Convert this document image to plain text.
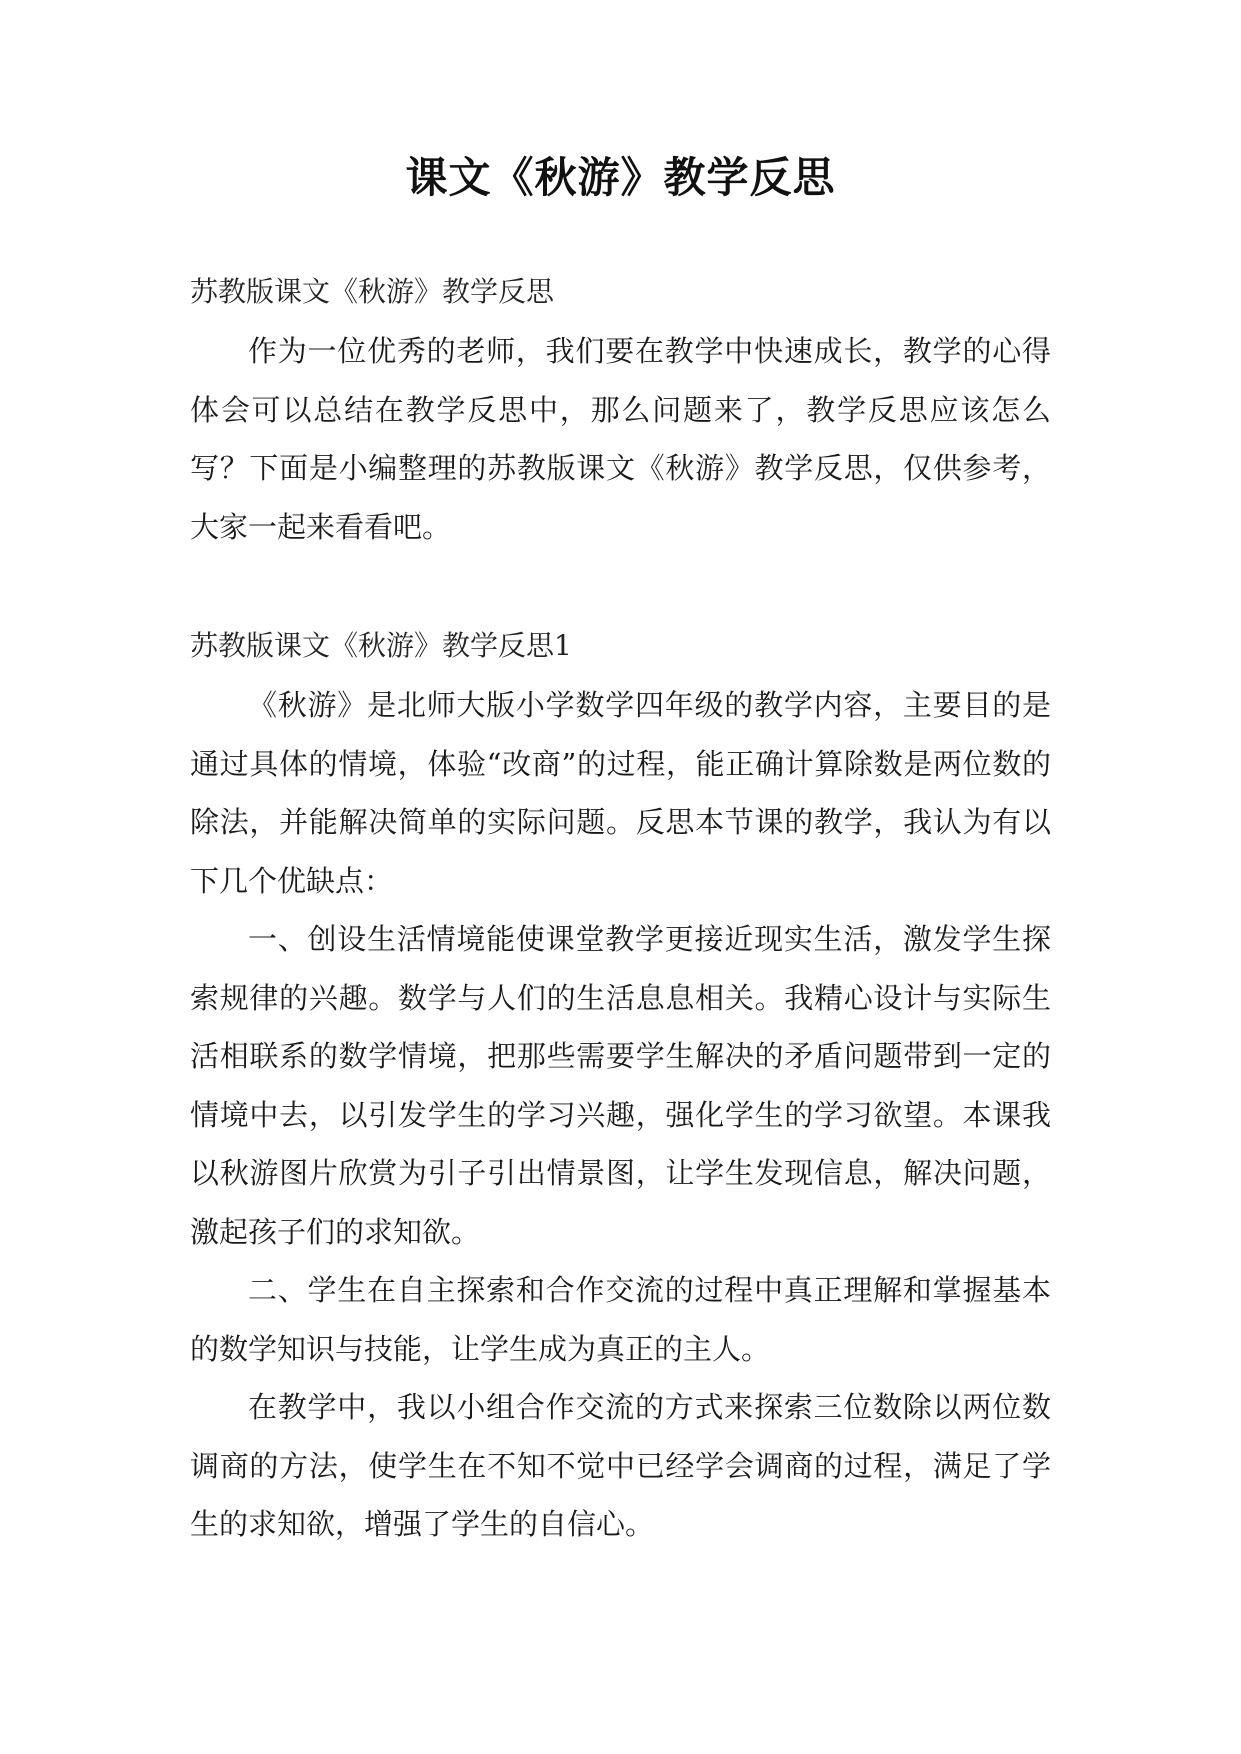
课文《秋游》教学反思

苏教版课文《秋游》教学反思

作为一位优秀的老师，我们要在教学中快速成长，教学的心得体会可以总结在教学反思中，那么问题来了，教学反思应该怎么写？下面是小编整理的苏教版课文《秋游》教学反思，仅供参考，大家一起来看看吧。

苏教版课文《秋游》教学反思1

《秋游》是北师大版小学数学四年级的教学内容，主要目的是通过具体的情境，体验“改商”的过程，能正确计算除数是两位数的除法，并能解决简单的实际问题。反思本节课的教学，我认为有以下几个优缺点：

一、创设生活情境能使课堂教学更接近现实生活，激发学生探索规律的兴趣。数学与人们的生活息息相关。我精心设计与实际生活相联系的数学情境，把那些需要学生解决的矛盾问题带到一定的情境中去，以引发学生的学习兴趣，强化学生的学习欲望。本课我以秋游图片欣赏为引子引出情景图，让学生发现信息，解决问题，激起孩子们的求知欲。

二、学生在自主探索和合作交流的过程中真正理解和掌握基本的数学知识与技能，让学生成为真正的主人。

在教学中，我以小组合作交流的方式来探索三位数除以两位数调商的方法，使学生在不知不觉中已经学会调商的过程，满足了学生的求知欲，增强了学生的自信心。
